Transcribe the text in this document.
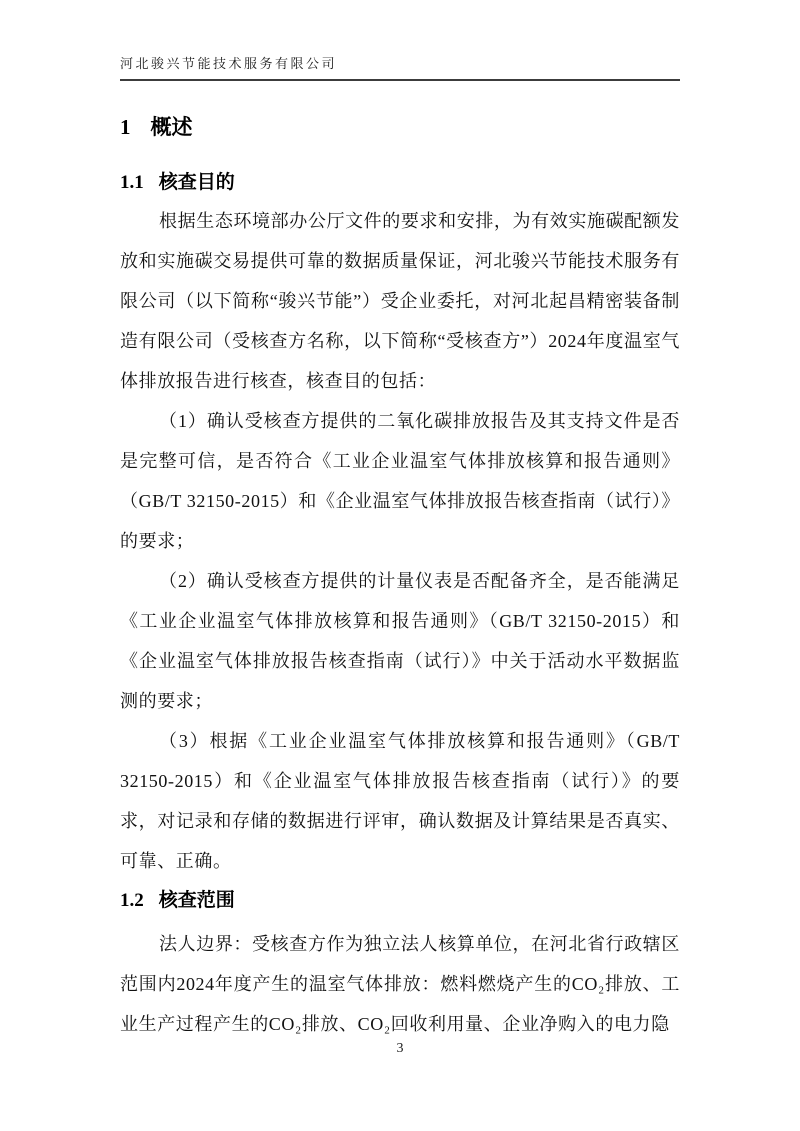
河北骏兴节能技术服务有限公司
1 概述
1.1 核查目的

根据生态环境部办公厅文件的要求和安排，为有效实施碳配额发放和实施碳交易提供可靠的数据质量保证，河北骏兴节能技术服务有限公司（以下简称“骏兴节能”）受企业委托，对河北起昌精密装备制造有限公司（受核查方名称，以下简称“受核查方”）2024年度温室气体排放报告进行核查，核查目的包括：

（1）确认受核查方提供的二氧化碳排放报告及其支持文件是否是完整可信，是否符合《工业企业温室气体排放核算和报告通则》（GB/T 32150-2015）和《企业温室气体排放报告核查指南（试行）》的要求；

（2）确认受核查方提供的计量仪表是否配备齐全，是否能满足《工业企业温室气体排放核算和报告通则》（GB/T 32150-2015）和《企业温室气体排放报告核查指南（试行）》中关于活动水平数据监测的要求；

（3）根据《工业企业温室气体排放核算和报告通则》（GB/T 32150-2015）和《企业温室气体排放报告核查指南（试行）》的要求，对记录和存储的数据进行评审，确认数据及计算结果是否真实、可靠、正确。

1.2 核查范围

法人边界：受核查方作为独立法人核算单位，在河北省行政辖区范围内2024年度产生的温室气体排放：燃料燃烧产生的CO₂排放、工业生产过程产生的CO₂排放、CO₂回收利用量、企业净购入的电力隐

3
